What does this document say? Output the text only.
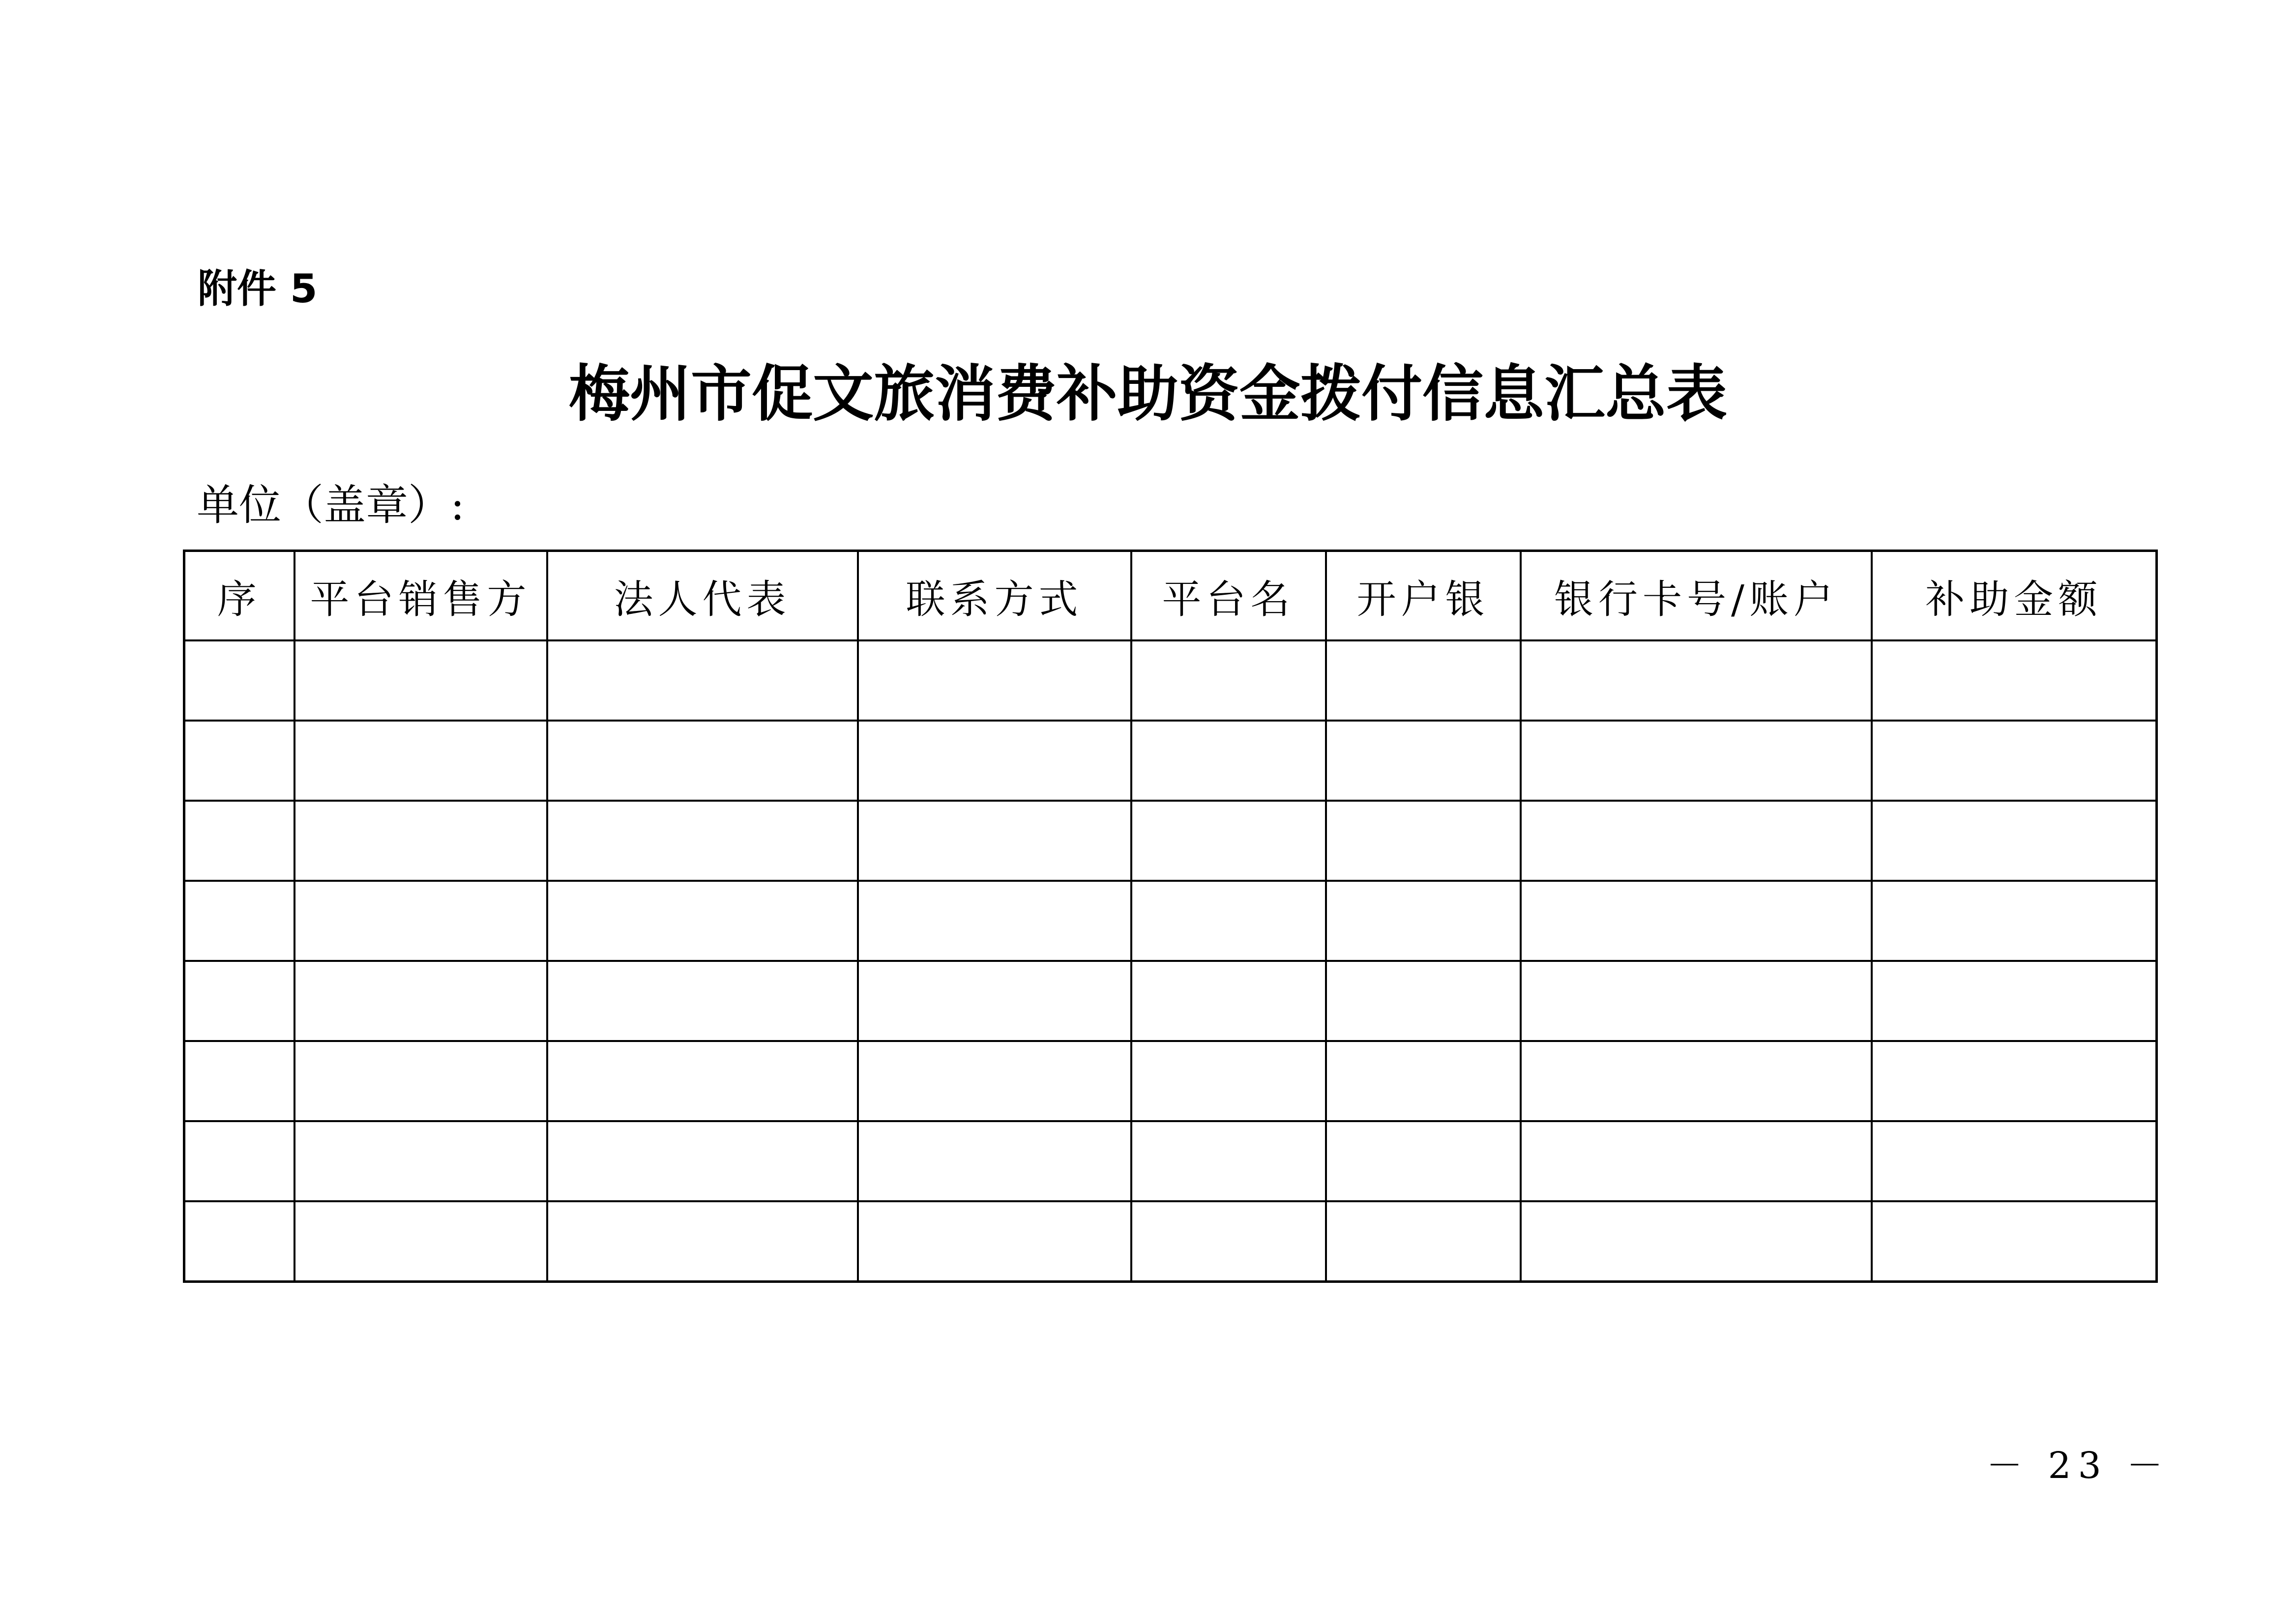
附件 5
梅州市促文旅消费补助资金拨付信息汇总表
单位（盖章）:
序	平台销售方	法人代表	联系方式	平台名	开户银	银行卡号/账户	补助金额

－ 23 －
